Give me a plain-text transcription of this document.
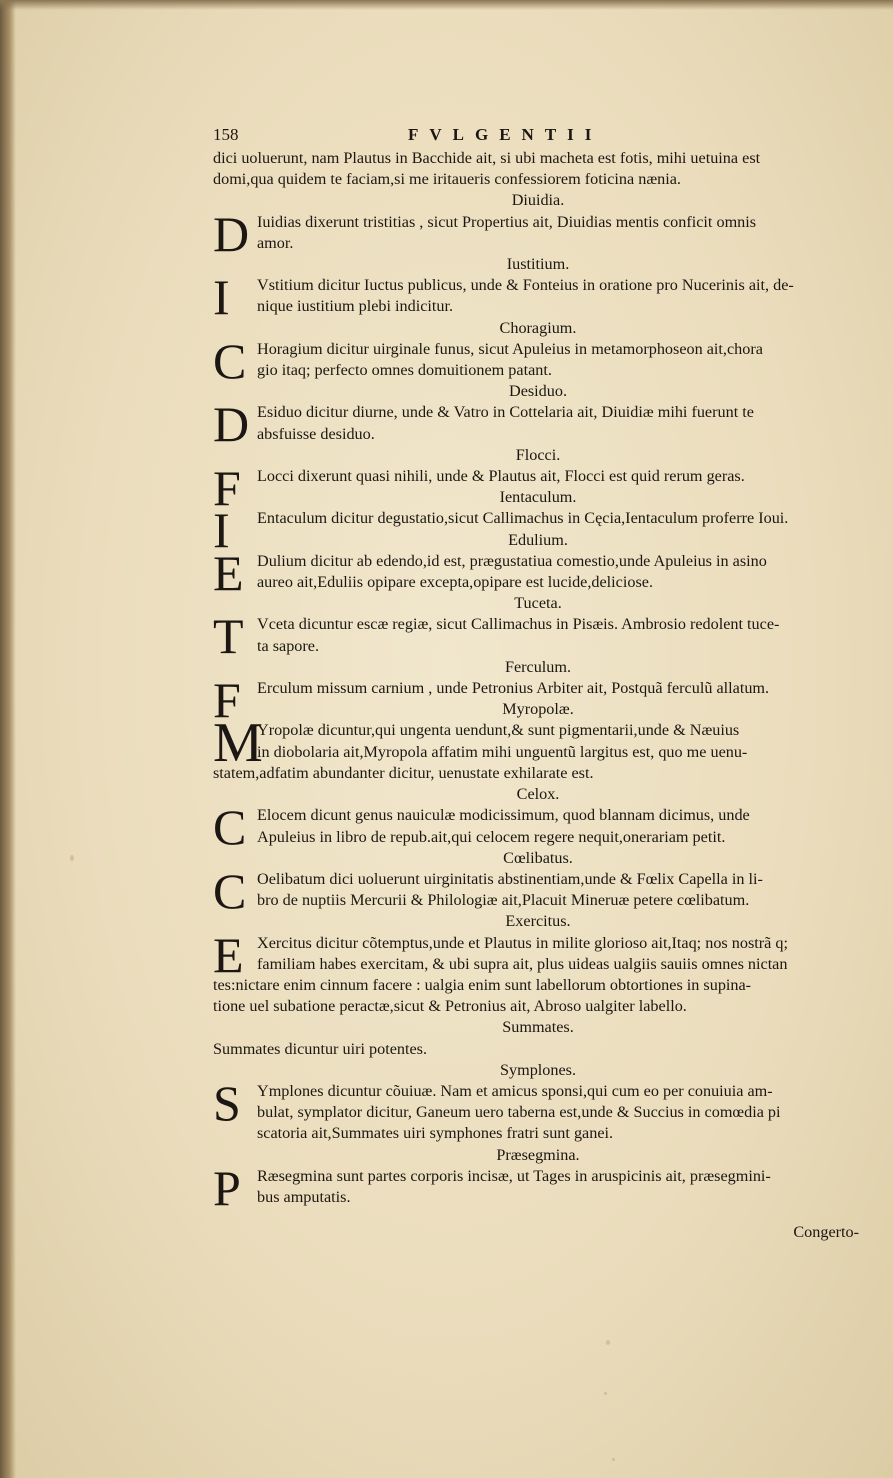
158	FVLGENTII
dici uoluerunt, nam Plautus in Bacchide ait, si ubi macheta est fotis, mihi uetuina est
domi,qua quidem te faciam,si me iritaueris confessiorem foticina nænia.
Diuidia.
D Iuidias dixerunt tristitias , sicut Propertius ait, Diuidias mentis conficit omnis
amor.
Iustitium.
I	Vstitium dicitur Iuctus publicus, unde & Fonteius in oratione pro Nucerinis ait, de-
nique iustitium plebi indicitur.
Choragium.
C Horagium dicitur uirginale funus, sicut Apuleius in metamorphoseon ait,chora
gio itaq; perfecto omnes domuitionem patant.
Desiduo.
D Esiduo dicitur diurne, unde & Vatro in Cottelaria ait, Diuidiæ mihi fuerunt te
absfuisse desiduo.
Flocci.
F Locci dixerunt quasi nihili, unde & Plautus ait, Flocci est quid rerum geras.
Ientaculum.
I	Entaculum dicitur degustatio,sicut Callimachus in Cęcia,Ientaculum proferre Ioui.
Edulium.
E Dulium dicitur ab edendo,id est, prægustatiua comestio,unde Apuleius in asino
aureo ait,Eduliis opipare excepta,opipare est lucide,deliciose.
Tuceta.
T Vceta dicuntur escæ regiæ, sicut Callimachus in Pisæis. Ambrosio redolent tuce-
ta sapore.
Ferculum.
F Erculum missum carnium , unde Petronius Arbiter ait, Postquã ferculũ allatum.
Myropolæ.
M
Yropolæ dicuntur,qui ungenta uendunt,& sunt pigmentarii,unde & Næuius
in diobolaria ait,Myropola affatim mihi unguentũ largitus est, quo me uenu-
statem,adfatim abundanter dicitur, uenustate exhilarate est.
Celox.
C Elocem dicunt genus nauiculæ modicissimum, quod blannam dicimus, unde
Apuleius in libro de repub.ait,qui celocem regere nequit,onerariam petit.
Cœlibatus.
C Oelibatum dici uoluerunt uirginitatis abstinentiam,unde & Fœlix Capella in li-
bro de nuptiis Mercurii & Philologiæ ait,Placuit Mineruæ petere cœlibatum.
Exercitus.
E Xercitus dicitur cõtemptus,unde et Plautus in milite glorioso ait,Itaq; nos nostrã q;
familiam habes exercitam, & ubi supra ait, plus uideas ualgiis sauiis omnes nictan
tes:nictare enim cinnum facere : ualgia enim sunt labellorum obtortiones in supina-
tione uel subatione peractæ,sicut & Petronius ait, Abroso ualgiter labello.
Summates.
Summates dicuntur uiri potentes.
Symplones.
S Ymplones dicuntur cõuiuæ. Nam et amicus sponsi,qui cum eo per conuiuia am-
bulat, symplator dicitur, Ganeum uero taberna est,unde & Succius in comœdia pi
scatoria ait,Summates uiri symphones fratri sunt ganei.
Præsegmina.
P Ræsegmina sunt partes corporis incisæ, ut Tages in aruspicinis ait, præsegmini-
bus amputatis.
Congerto-
